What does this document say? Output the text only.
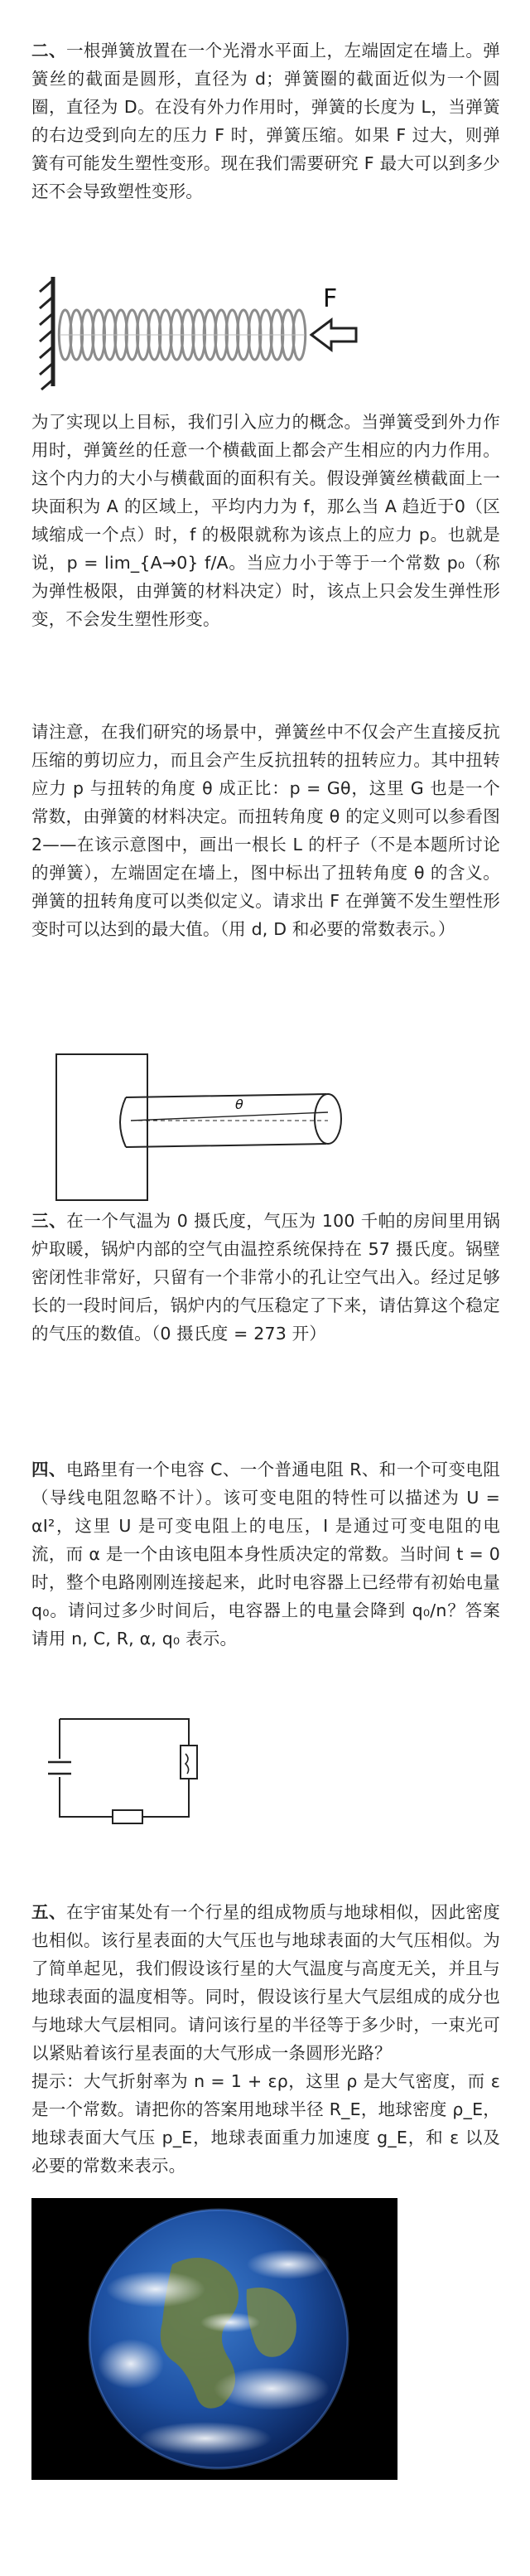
二、一根弹簧放置在一个光滑水平面上，左端固定在墙上。弹簧丝的截面是圆形，直径为 d；弹簧圈的截面近似为一个圆圈，直径为 D。在没有外力作用时，弹簧的长度为 L，当弹簧的右边受到向左的压力 F 时，弹簧压缩。如果 F 过大，则弹簧有可能发生塑性变形。现在我们需要研究 F 最大可以到多少还不会导致塑性变形。

F

为了实现以上目标，我们引入应力的概念。当弹簧受到外力作用时，弹簧丝的任意一个横截面上都会产生相应的内力作用。这个内力的大小与横截面的面积有关。假设弹簧丝横截面上一块面积为 A 的区域上，平均内力为 f，那么当 A 趋近于0（区域缩成一个点）时，f 的极限就称为该点上的应力 p。也就是说，p = lim_{A→0} f/A。当应力小于等于一个常数 p₀（称为弹性极限，由弹簧的材料决定）时，该点上只会发生弹性形变，不会发生塑性形变。

请注意，在我们研究的场景中，弹簧丝中不仅会产生直接反抗压缩的剪切应力，而且会产生反抗扭转的扭转应力。其中扭转应力 p 与扭转的角度 θ 成正比：p = Gθ，这里 G 也是一个常数，由弹簧的材料决定。而扭转角度 θ 的定义则可以参看图2——在该示意图中，画出一根长 L 的杆子（不是本题所讨论的弹簧），左端固定在墙上，图中标出了扭转角度 θ 的含义。弹簧的扭转角度可以类似定义。请求出 F 在弹簧不发生塑性形变时可以达到的最大值。（用 d, D 和必要的常数表示。）

θ

三、在一个气温为 0 摄氏度，气压为 100 千帕的房间里用锅炉取暖，锅炉内部的空气由温控系统保持在 57 摄氏度。锅壁密闭性非常好，只留有一个非常小的孔让空气出入。经过足够长的一段时间后，锅炉内的气压稳定了下来，请估算这个稳定的气压的数值。（0 摄氏度 = 273 开）

四、电路里有一个电容 C、一个普通电阻 R、和一个可变电阻（导线电阻忽略不计）。该可变电阻的特性可以描述为 U = αI²，这里 U 是可变电阻上的电压，I 是通过可变电阻的电流，而 α 是一个由该电阻本身性质决定的常数。当时间 t = 0 时，整个电路刚刚连接起来，此时电容器上已经带有初始电量 q₀。请问过多少时间后，电容器上的电量会降到 q₀/n？答案请用 n, C, R, α, q₀ 表示。

五、在宇宙某处有一个行星的组成物质与地球相似，因此密度也相似。该行星表面的大气压也与地球表面的大气压相似。为了简单起见，我们假设该行星的大气温度与高度无关，并且与地球表面的温度相等。同时，假设该行星大气层组成的成分也与地球大气层相同。请问该行星的半径等于多少时，一束光可以紧贴着该行星表面的大气形成一条圆形光路？

提示：大气折射率为 n = 1 + ερ，这里 ρ 是大气密度，而 ε 是一个常数。请把你的答案用地球半径 R_E，地球密度 ρ_E，地球表面大气压 p_E，地球表面重力加速度 g_E，和 ε 以及必要的常数来表示。
